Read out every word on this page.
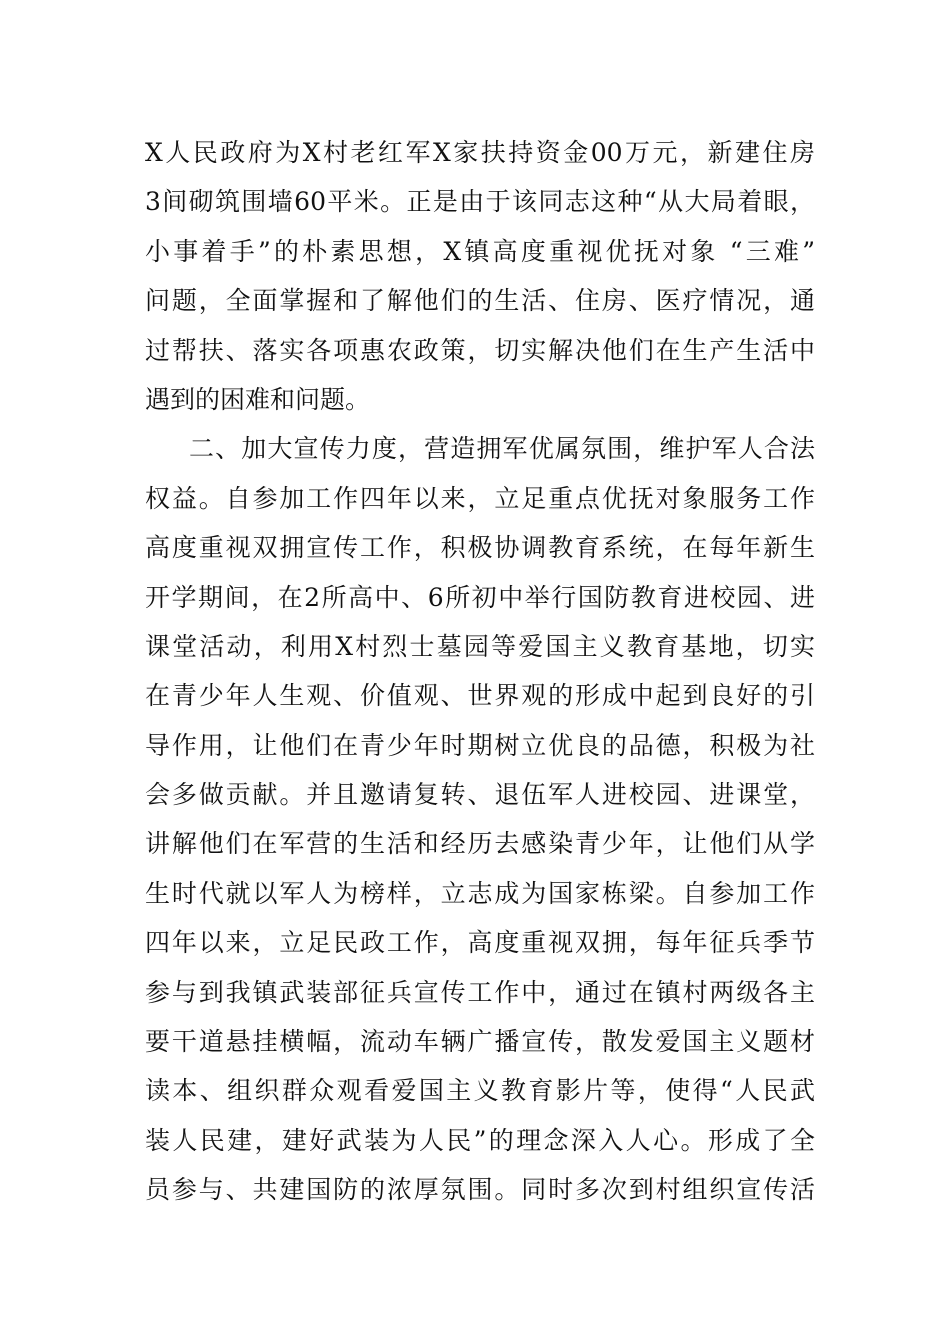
X人民政府为X村老红军X家扶持资金00万元，新建住房
3间砌筑围墙60平米。正是由于该同志这种“从大局着眼，
小事着手”的朴素思想，X镇高度重视优抚对象 “三难”
问题，全面掌握和了解他们的生活、住房、医疗情况，通
过帮扶、落实各项惠农政策，切实解决他们在生产生活中
遇到的困难和问题。
二、加大宣传力度，营造拥军优属氛围，维护军人合法
权益。自参加工作四年以来，立足重点优抚对象服务工作
高度重视双拥宣传工作，积极协调教育系统，在每年新生
开学期间，在2所高中、6所初中举行国防教育进校园、进
课堂活动，利用X村烈士墓园等爱国主义教育基地，切实
在青少年人生观、价值观、世界观的形成中起到良好的引
导作用，让他们在青少年时期树立优良的品德，积极为社
会多做贡献。并且邀请复转、退伍军人进校园、进课堂，
讲解他们在军营的生活和经历去感染青少年，让他们从学
生时代就以军人为榜样，立志成为国家栋梁。自参加工作
四年以来，立足民政工作，高度重视双拥，每年征兵季节
参与到我镇武装部征兵宣传工作中，通过在镇村两级各主
要干道悬挂横幅，流动车辆广播宣传，散发爱国主义题材
读本、组织群众观看爱国主义教育影片等，使得“人民武
装人民建，建好武装为人民”的理念深入人心。形成了全
员参与、共建国防的浓厚氛围。同时多次到村组织宣传活
